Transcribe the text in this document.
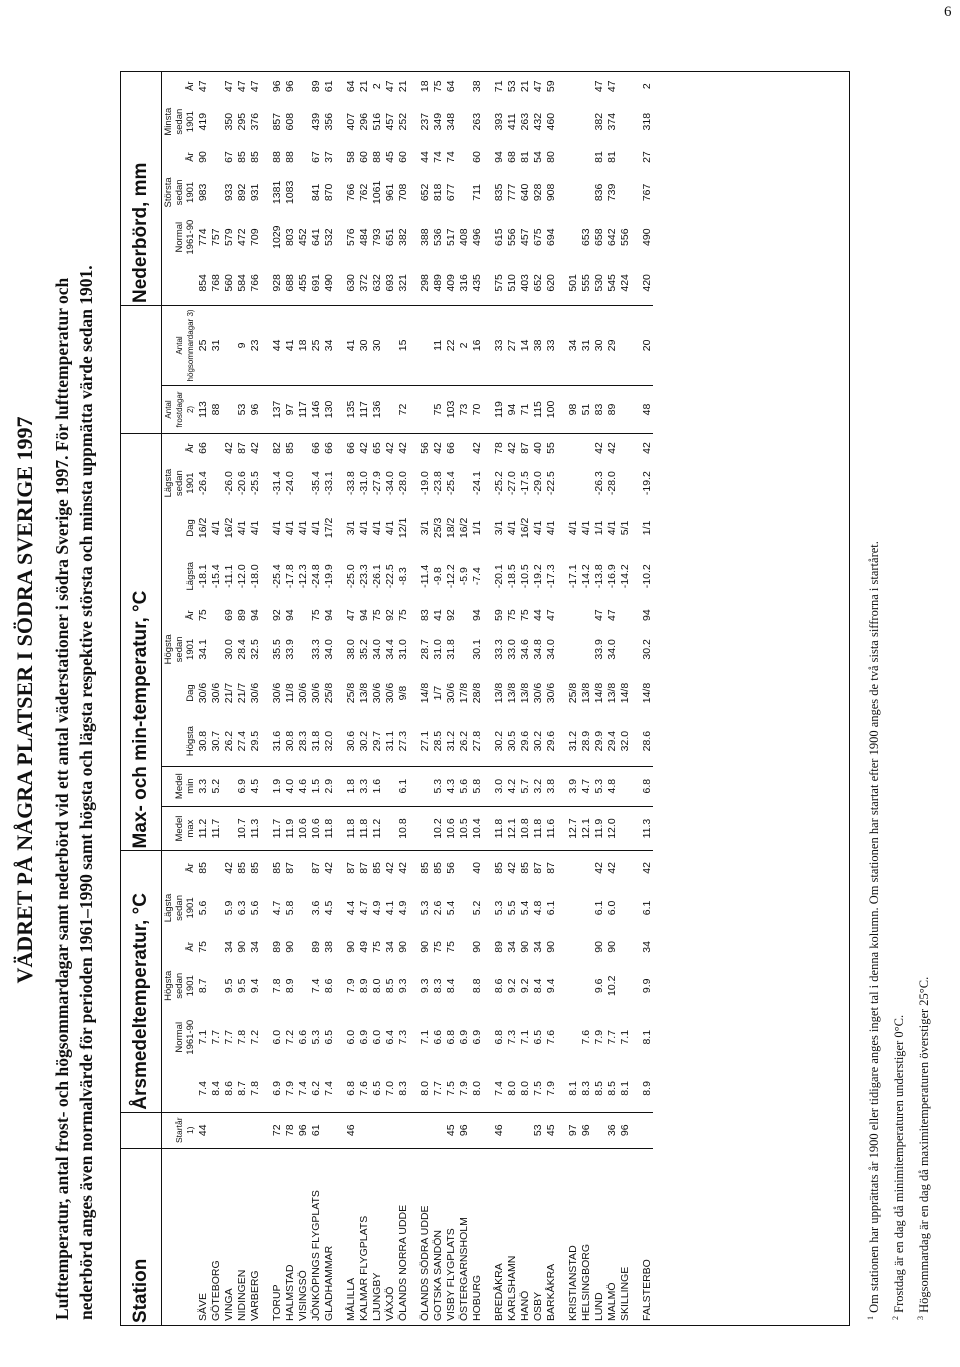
6
VÄDRET PÅ NÅGRA PLATSER I SÖDRA SVERIGE 1997 Lufttemperatur, antal frost- och högsommardagar samt nederbörd vid ett antal väderstationer i södra Sverige 1997. För lufttemperatur och nederbörd anges även normalvärde för perioden 1961–1990 samt högsta och lägsta respektive största och minsta uppmätta värde sedan 1901. Station		Årsmedeltemperatur, °C						Max- och min-temperatur, °C												Nederbörd, mm					
	Startår 1)		Normal 1961-90	Högsta sedan 1901	År	Lägsta sedan 1901	År	Medel max	Medel min	Högsta	Dag	Högsta sedan 1901	År	Lägsta	Dag	Lägsta sedan 1901	År	Antal frostdagar 2)	Antal högsommardagar 3)		Normal 1961-90	Största sedan 1901	År	Minsta sedan 1901	År
SÄVE	44	7.4	7.1	8.7	75	5.6	85	11.2	3.3	30.8	30/6	34.1	75	-18.1	16/2	-26.4	66	113	25	854	774	983	90	419	47
GÖTEBORG		8.4	7.7					11.7	5.2	30.7	30/6			-15.4	4/1			88	31	768	757				
VINGA		8.6	7.7	9.5	34	5.9	42			26.2	21/7	30.0	69	-11.1	16/2	-26.0	42			560	579	933	67	350	47
NIDINGEN		8.7	7.8	9.5	90	6.3	85	10.7	6.9	27.4	21/7	28.4	89	-12.0	4/1	-20.6	87	53	9	584	472	892	85	295	47
VARBERG		7.8	7.2	9.4	34	5.6	85	11.3	4.5	29.5	30/6	32.5	94	-18.0	4/1	-25.5	42	96	23	766	709	931	85	376	47

TORUP	72	6.9	6.0	7.8	89	4.7	85	11.7	1.9	31.6	30/6	35.5	92	-25.4	4/1	-31.4	82	137	44	928	1029	1381	88	857	96
HALMSTAD	78	7.9	7.2	8.9	90	5.8	87	11.9	4.0	30.8	11/8	33.9	94	-17.8	4/1	-24.0	85	97	41	688	803	1083	88	608	96
VISINGSÖ	96	7.4	6.6					10.6	4.6	28.3	30/6			-12.3	4/1			117	18	455	452				
JÖNKÖPINGS FLYGPLATS	61	6.2	5.3	7.4	89	3.6	87	10.6	1.5	31.8	30/6	33.3	75	-24.8	4/1	-35.4	66	146	25	691	641	841	67	439	89
GLADHAMMAR		7.4	6.5	8.6	38	4.5	42	11.8	2.9	32.0	25/8	34.0	94	-19.9	17/2	-33.1	66	130	34	490	532	870	37	356	61

MÅLILLA	46	6.8	6.0	7.9	90	4.4	87	11.8	1.8	30.6	25/8	38.0	47	-25.0	3/1	-33.8	66	135	41	630	576	766	58	407	64
KALMAR FLYGPLATS		7.6	6.9	8.9	49	4.7	87	11.8	3.3	30.2	13/8	35.2	94	-23.3	4/1	-31.0	42	117	30	372	484	762	60	296	21
LJUNGBY		6.5	6.0	8.0	75	4.9	85	11.2	1.6	29.7	30/6	34.0	75	-26.1	4/1	-27.9	65	136	30	632	793	1061	88	516	2
VÄXJÖ		7.0	6.4	8.5	34	4.1	42			31.1	30/6	34.4	92	-22.5	4/1	-34.0	42			693	651	961	45	457	47
ÖLANDS NORRA UDDE		8.3	7.3	9.3	90	4.9	42	10.8	6.1	27.3	9/8	31.0	75	-8.3	12/1	-28.0	42	72	15	321	382	708	60	252	21

ÖLANDS SÖDRA UDDE		8.0	7.1	9.3	90	5.3	85			27.1	14/8	28.7	83	-11.4	3/1	-19.0	56			298	388	652	44	237	18
GOTSKA SANDÖN		7.7	6.6	8.3	75	2.6	85	10.2	5.3	28.5	1/7	31.0	41	-9.8	25/3	-23.8	42	75	11	489	536	818	74	349	75
VISBY FLYGPLATS	45	7.5	6.8	8.4	75	5.4	56	10.6	4.3	31.2	30/6	31.8	92	-12.2	18/2	-25.4	66	103	22	409	517	677	74	348	64
ÖSTERGARNSHOLM	96	7.9	6.9					10.5	5.6	26.2	17/8			-5.9	16/2			73	2	316	408				
HOBURG		8.0	6.9	8.8	90	5.2	40	10.4	5.8	27.8	28/8	30.1	94	-7.4	1/1	-24.1	42	70	16	435	496	711	60	263	38

BREDÅKRA	46	7.4	6.8	8.6	89	5.3	85	11.8	3.0	30.2	13/8	33.3	59	-20.1	3/1	-25.2	78	119	33	575	615	835	94	393	71
KARLSHAMN		8.0	7.3	9.2	34	5.5	42	12.1	4.2	30.5	13/8	33.0	75	-18.5	4/1	-27.0	42	94	27	510	556	777	68	411	53
HANÖ		8.0	7.1	9.2	90	5.4	85	10.8	5.7	29.6	13/8	34.6	75	-10.5	16/2	-17.5	87	71	14	403	457	640	81	263	21
OSBY	53	7.5	6.5	8.4	34	4.8	87	11.8	3.2	30.2	30/6	34.8	44	-19.2	4/1	-29.0	40	115	38	652	675	928	54	432	47
BARKÅKRA	45	7.9	7.6	9.4	90	6.1	87	11.6	3.8	29.6	30/6	34.0	47	-17.3	4/1	-22.5	55	100	33	620	694	908	80	460	59

KRISTIANSTAD	97	8.1						12.7	3.9	31.2	25/8			-17.1	4/1			98	34	501					
HELSINGBORG	96	8.3	7.6					12.1	4.7	28.9	13/8			-14.2	4/1			51	31	555	653				
LUND		8.5	7.9	9.6	90	6.1	42	11.9	5.3	29.9	14/8	33.9	47	-13.8	1/1	-26.3	42	83	30	530	658	836	81	382	47
MALMÖ	36	8.5	7.7	10.2	90	6.0	42	12.0	4.8	29.4	13/8	34.0	47	-16.9	4/1	-28.0	42	89	29	545	642	739	81	374	47
SKILLINGE	96	8.1	7.1							32.0	14/8			-14.2	5/1					424	556				

FALSTERBO		8.9	8.1	9.9	34	6.1	42	11.3	6.8	28.6	14/8	30.2	94	-10.2	1/1	-19.2	42	48	20	420	490	767	27	318	2
$^1$ Om stationen har upprättats år 1900 eller tidigare anges inget tal i denna kolumn. Om stationen har startat efter 1900 anges de två sista siffrorna i startåret.
$^2$ Frostdag är en dag då minimitemperaturen understiger 0°C.
$^3$ Högsommardag är en dag då maximitemperaturen överstiger 25°C.
